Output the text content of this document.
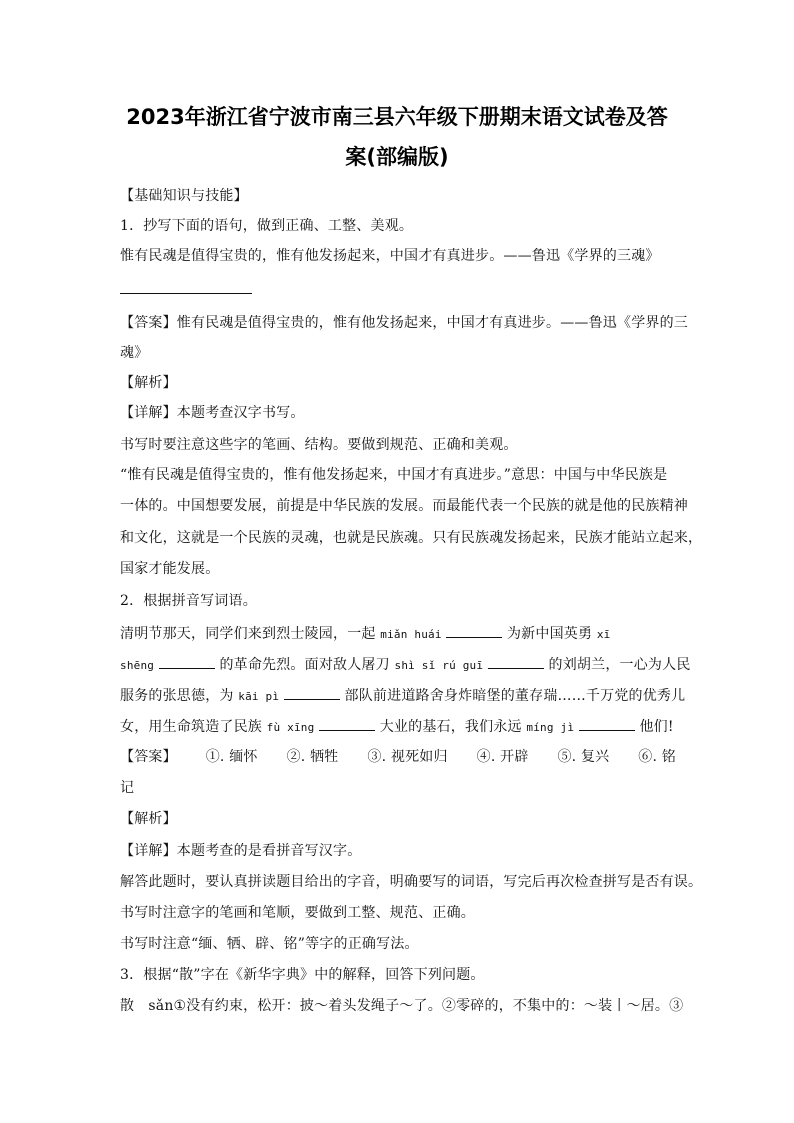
2023年浙江省宁波市南三县六年级下册期末语文试卷及答
案(部编版)
【基础知识与技能】
1．抄写下面的语句，做到正确、工整、美观。
惟有民魂是值得宝贵的，惟有他发扬起来，中国才有真进步。——鲁迅《学界的三魂》
【答案】惟有民魂是值得宝贵的，惟有他发扬起来，中国才有真进步。——鲁迅《学界的三
魂》
【解析】
【详解】本题考查汉字书写。
书写时要注意这些字的笔画、结构。要做到规范、正确和美观。
“惟有民魂是值得宝贵的，惟有他发扬起来，中国才有真进步。”意思：中国与中华民族是
一体的。中国想要发展，前提是中华民族的发展。而最能代表一个民族的就是他的民族精神
和文化，这就是一个民族的灵魂，也就是民族魂。只有民族魂发扬起来，民族才能站立起来，
国家才能发展。
2．根据拼音写词语。
清明节那天，同学们来到烈士陵园，一起 miǎn huái	为新中国英勇 xī
shēng	的革命先烈。面对敌人屠刀 shì sǐ rú guī	的刘胡兰，一心为人民
服务的张思德，为 kāi pì	部队前进道路舍身炸暗堡的董存瑞……千万党的优秀儿
女，用生命筑造了民族 fù xīng	大业的基石，我们永远 míng jì	他们!
【答案】 ①. 缅怀 ②. 牺牲 ③. 视死如归 ④. 开辟 ⑤. 复兴 ⑥. 铭
记
【解析】
【详解】本题考查的是看拼音写汉字。
解答此题时，要认真拼读题目给出的字音，明确要写的词语，写完后再次检查拼写是否有误。
书写时注意字的笔画和笔顺，要做到工整、规范、正确。
书写时注意“缅、牺、辟、铭”等字的正确写法。
3．根据“散”字在《新华字典》中的解释，回答下列问题。
散　sǎn①没有约束，松开：披～着头发绳子～了。②零碎的，不集中的：～装丨～居。③
